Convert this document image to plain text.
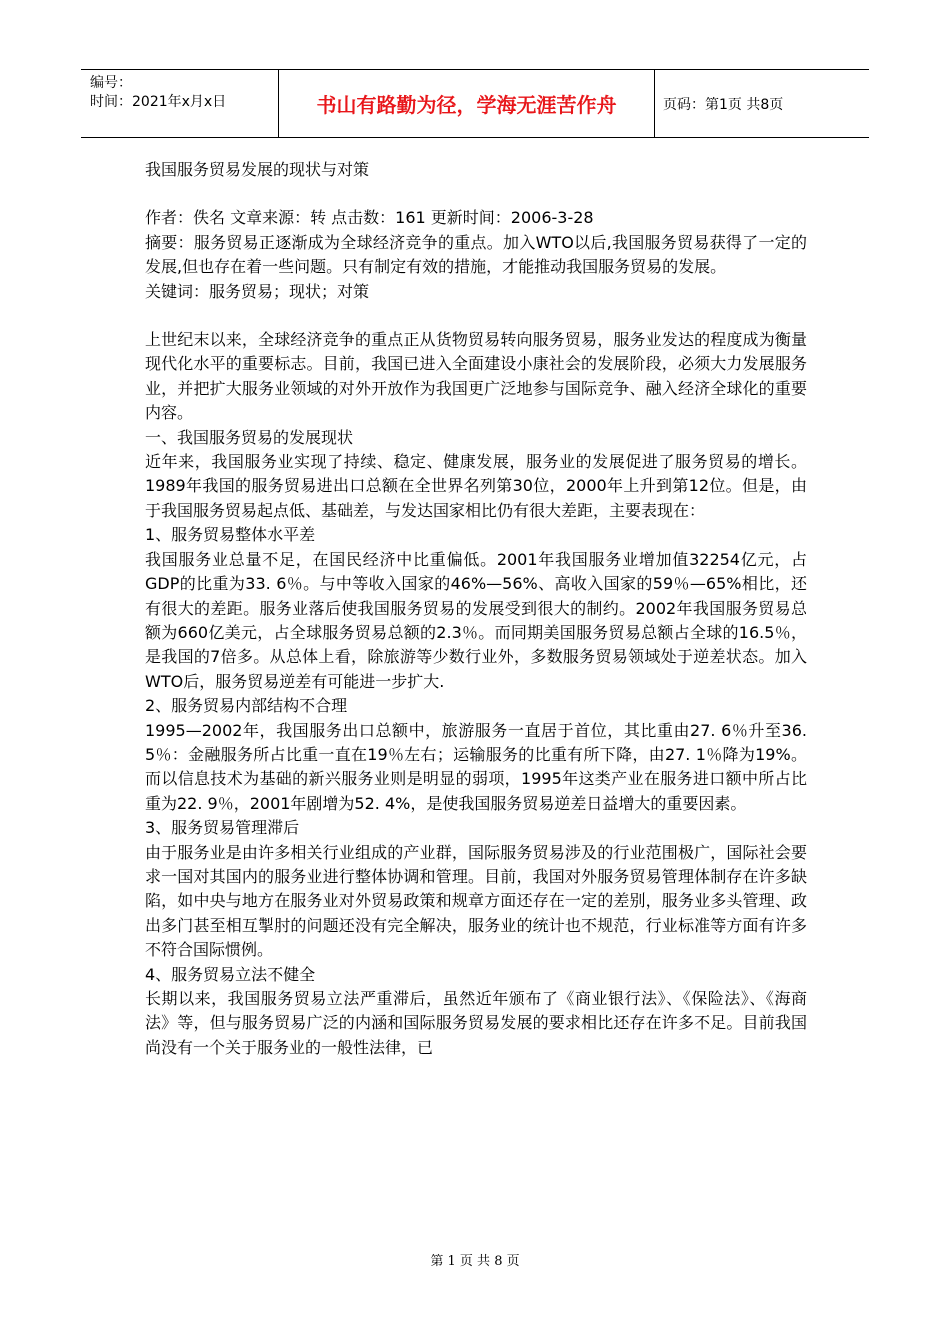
编号：
时间：2021年x月x日	书山有路勤为径，学海无涯苦作舟	页码：第1页 共8页

我国服务贸易发展的现状与对策

作者：佚名 文章来源：转 点击数：161 更新时间：2006-3-28

摘要：服务贸易正逐渐成为全球经济竞争的重点。加入WTO以后,我国服务贸易获得了一定的发展,但也存在着一些问题。只有制定有效的措施，才能推动我国服务贸易的发展。

关键词：服务贸易；现状；对策

上世纪末以来，全球经济竞争的重点正从货物贸易转向服务贸易，服务业发达的程度成为衡量现代化水平的重要标志。目前，我国已进入全面建设小康社会的发展阶段，必须大力发展服务业，并把扩大服务业领域的对外开放作为我国更广泛地参与国际竞争、融入经济全球化的重要内容。

一、我国服务贸易的发展现状

近年来，我国服务业实现了持续、稳定、健康发展，服务业的发展促进了服务贸易的增长。1989年我国的服务贸易进出口总额在全世界名列第30位，2000年上升到第12位。但是，由于我国服务贸易起点低、基础差，与发达国家相比仍有很大差距，主要表现在：

1、服务贸易整体水平差

我国服务业总量不足，在国民经济中比重偏低。2001年我国服务业增加值32254亿元，占GDP的比重为33. 6％。与中等收入国家的46%—56%、高收入国家的59％—65%相比，还有很大的差距。服务业落后使我国服务贸易的发展受到很大的制约。2002年我国服务贸易总额为660亿美元，占全球服务贸易总额的2.3％。而同期美国服务贸易总额占全球的16.5％，是我国的7倍多。从总体上看，除旅游等少数行业外，多数服务贸易领域处于逆差状态。加入WTO后，服务贸易逆差有可能进一步扩大.

2、服务贸易内部结构不合理

1995—2002年，我国服务出口总额中，旅游服务一直居于首位，其比重由27. 6％升至36. 5％：金融服务所占比重一直在19％左右；运输服务的比重有所下降，由27. 1％降为19%。而以信息技术为基础的新兴服务业则是明显的弱项，1995年这类产业在服务进口额中所占比重为22. 9％，2001年剧增为52. 4%，是使我国服务贸易逆差日益增大的重要因素。

3、服务贸易管理滞后

由于服务业是由许多相关行业组成的产业群，国际服务贸易涉及的行业范围极广，国际社会要求一国对其国内的服务业进行整体协调和管理。目前，我国对外服务贸易管理体制存在许多缺陷，如中央与地方在服务业对外贸易政策和规章方面还存在一定的差别，服务业多头管理、政出多门甚至相互掣肘的问题还没有完全解决，服务业的统计也不规范，行业标准等方面有许多不符合国际惯例。

4、服务贸易立法不健全

长期以来，我国服务贸易立法严重滞后，虽然近年颁布了《商业银行法》、《保险法》、《海商法》等，但与服务贸易广泛的内涵和国际服务贸易发展的要求相比还存在许多不足。目前我国尚没有一个关于服务业的一般性法律，已

第 1 页 共 8 页
